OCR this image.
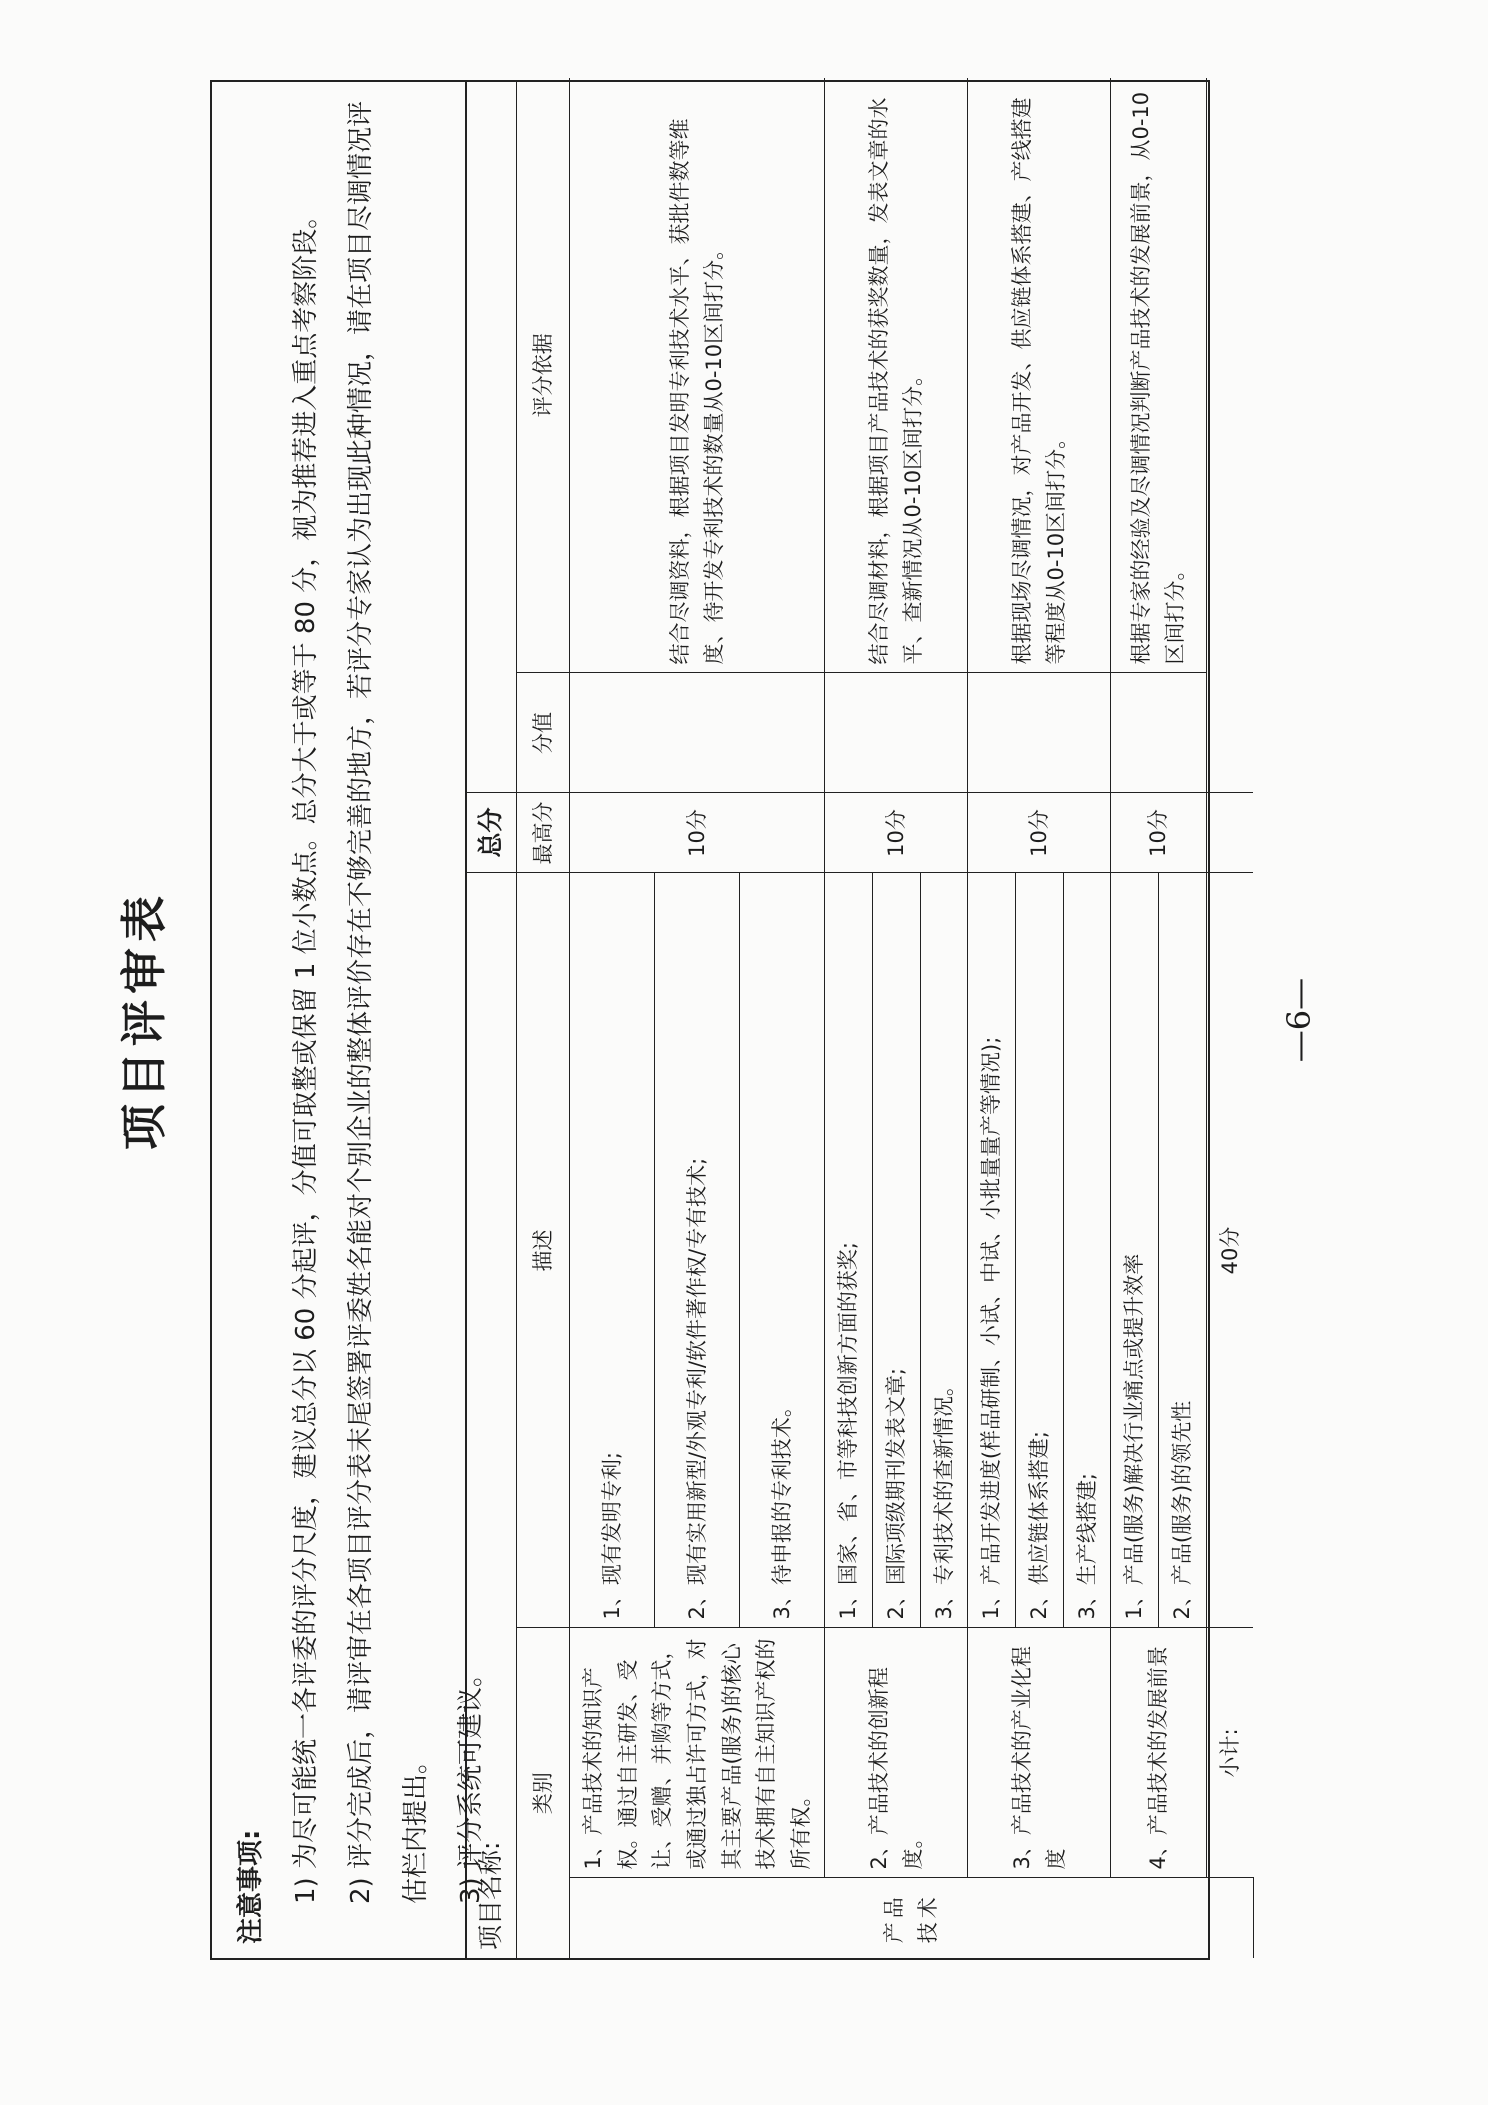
项目评审表

注意事项: 1) 为尽可能统一各评委的评分尺度，建议总分以 60 分起评，分值可取整或保留 1 位小数点。总分大于或等于 80 分，视为推荐进入重点考察阶段。 2) 评分完成后，请评审在各项目评分表末尾签署评委姓名能对个别企业的整体评价存在不够完善的地方，若评分专家认为出现此种情况，请在项目尽调情况评估栏内提出。 3) 评分系统可建议。

项目名称:
总分
类别		描述	最高分	分值	评分依据
产品技术	1、产品技术的知识产权。通过自主研发、受让、受赠、并购等方式，或通过独占许可方式，对其主要产品(服务)的核心技术拥有自主知识产权的所有权。	1、现有发明专利;	10分		结合尽调资料，根据项目发明专利技术水平、获批件数等维度、待开发专利技术的数量从0-10区间打分。
		2、现有实用新型/外观专利/软件著作权/专有技术;			
		3、待申报的专利技术。			
	2、产品技术的创新程度。	1、国家、省、市等科技创新方面的获奖;	10分		结合尽调材料，根据项目产品技术的获奖数量，发表文章的水平、查新情况从0-10区间打分。
		2、国际项级期刊发表文章;			
		3、专利技术的查新情况。			
	3、产品技术的产业化程度	1、产品开发进度(样品研制、小试、中试、小批量量产等情况);	10分		根据现场尽调情况，对产品开发、供应链体系搭建、产线搭建等程度从0-10区间打分。
		2、供应链体系搭建;			
		3、生产线搭建;			
	4、产品技术的发展前景	1、产品(服务)解决行业痛点或提升效率	10分		根据专家的经验及尽调情况判断产品技术的发展前景，从0-10区间打分。
		2、产品(服务)的领先性			
	小计:	40分			
—6—
